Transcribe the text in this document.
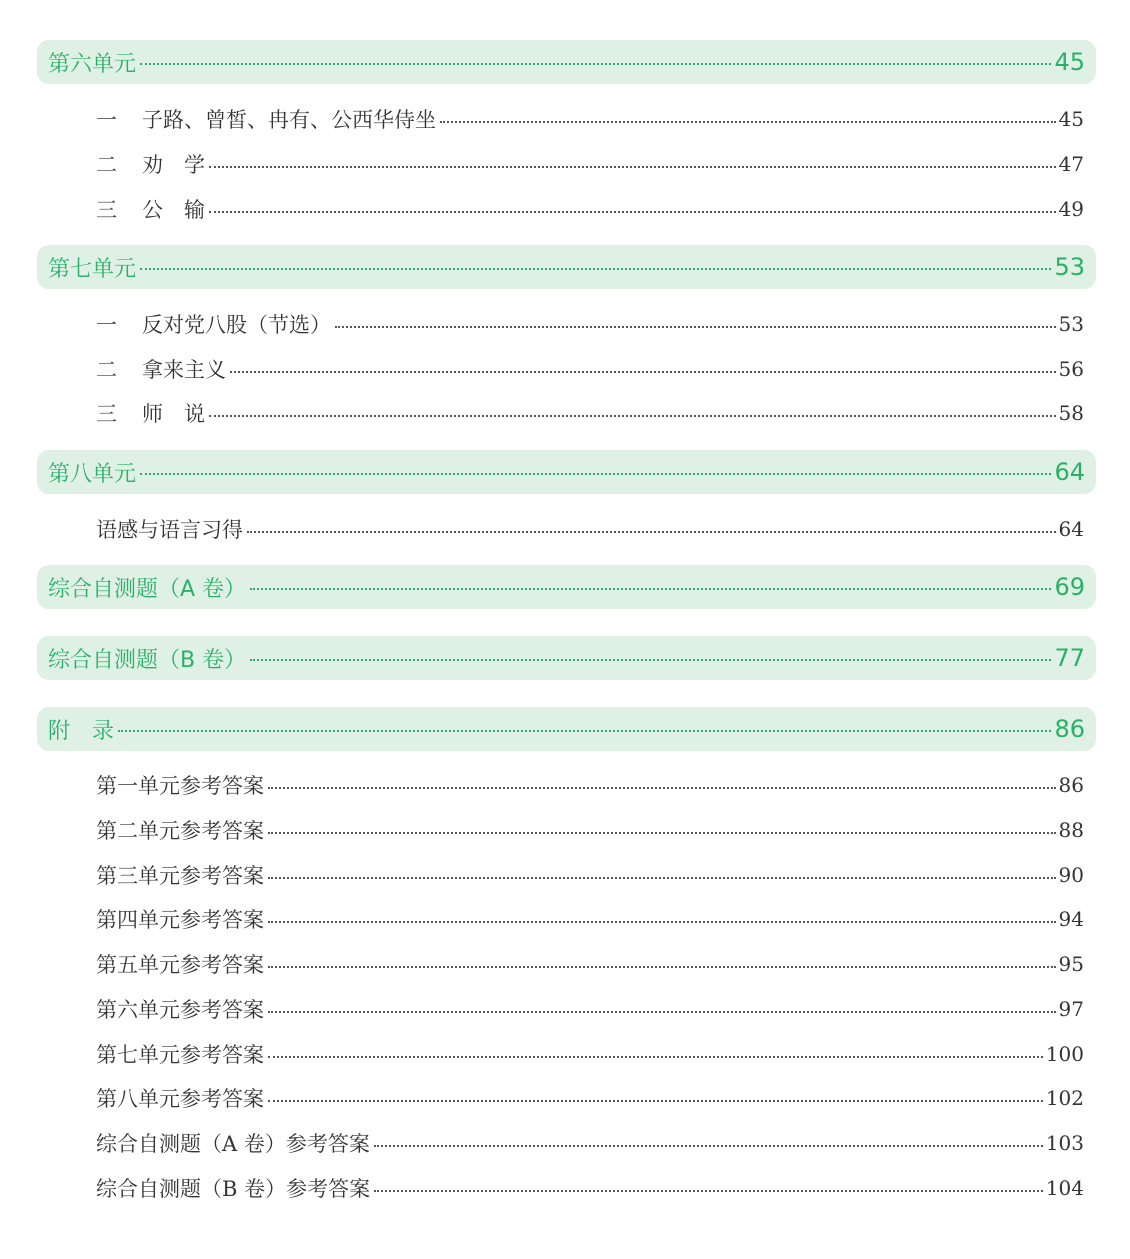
第六单元	45
一	子路、曾皙、冉有、公西华侍坐	45
二	劝　学	47
三	公　输	49
第七单元	53
一	反对党八股（节选）	53
二	拿来主义	56
三	师　说	58
第八单元	64
语感与语言习得	64
综合自测题（A 卷）	69
综合自测题（B 卷）	77
附　录	86
第一单元参考答案	86
第二单元参考答案	88
第三单元参考答案	90
第四单元参考答案	94
第五单元参考答案	95
第六单元参考答案	97
第七单元参考答案	100
第八单元参考答案	102
综合自测题（A 卷）参考答案	103
综合自测题（B 卷）参考答案	104
